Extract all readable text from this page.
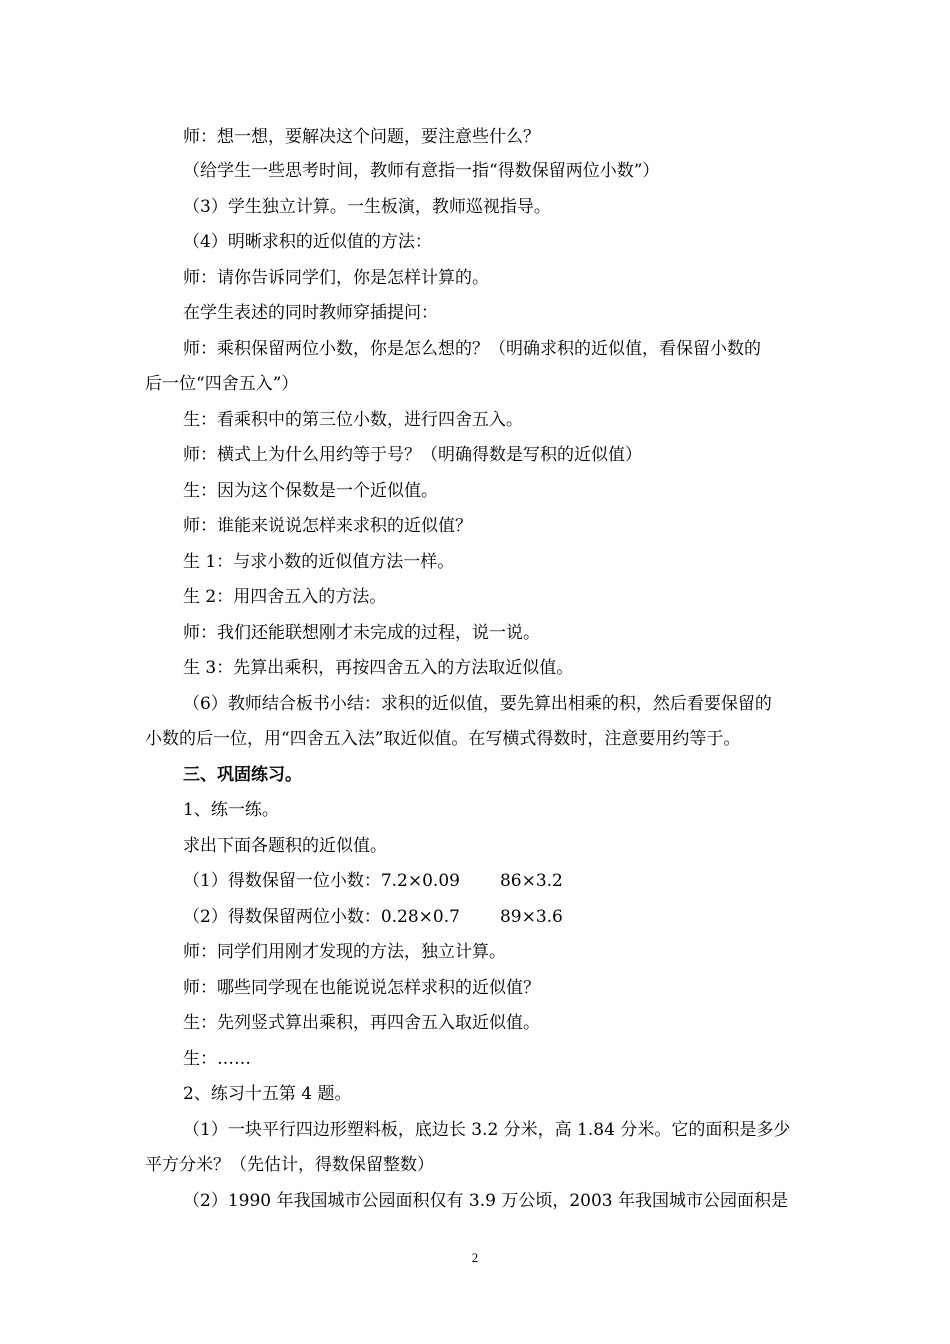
师：想一想，要解决这个问题，要注意些什么？
（给学生一些思考时间，教师有意指一指“得数保留两位小数”）
（3）学生独立计算。一生板演，教师巡视指导。
（4）明晰求积的近似值的方法：
师：请你告诉同学们，你是怎样计算的。
在学生表述的同时教师穿插提问：
师：乘积保留两位小数，你是怎么想的？（明确求积的近似值，看保留小数的
后一位“四舍五入”）
生：看乘积中的第三位小数，进行四舍五入。
师：横式上为什么用约等于号？（明确得数是写积的近似值）
生：因为这个保数是一个近似值。
师：谁能来说说怎样来求积的近似值？
生 1：与求小数的近似值方法一样。
生 2：用四舍五入的方法。
师：我们还能联想刚才未完成的过程，说一说。
生 3：先算出乘积，再按四舍五入的方法取近似值。
（6）教师结合板书小结：求积的近似值，要先算出相乘的积，然后看要保留的
小数的后一位，用“四舍五入法”取近似值。在写横式得数时，注意要用约等于。
三、巩固练习。
1、练一练。
求出下面各题积的近似值。
（1）得数保留一位小数：7.2×0.09 86×3.2
（2）得数保留两位小数：0.28×0.7 89×3.6
师：同学们用刚才发现的方法，独立计算。
师：哪些同学现在也能说说怎样求积的近似值？
生：先列竖式算出乘积，再四舍五入取近似值。
生：……
2、练习十五第 4 题。
（1）一块平行四边形塑料板，底边长 3.2 分米，高 1.84 分米。它的面积是多少
平方分米？（先估计，得数保留整数）
（2）1990 年我国城市公园面积仅有 3.9 万公顷，2003 年我国城市公园面积是
2
